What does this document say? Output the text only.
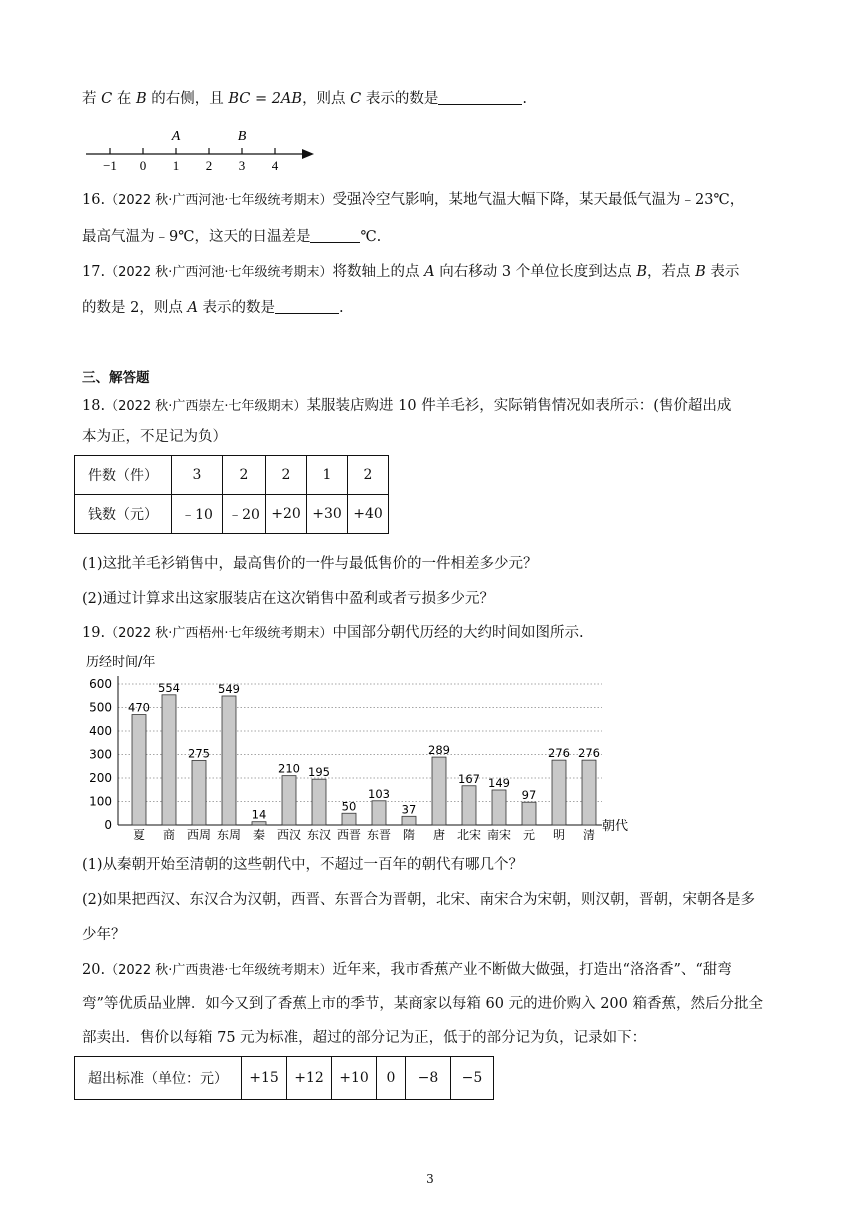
若 C 在 B 的右侧，且 BC = 2AB，则点 C 表示的数是	.
−1 0 1 2 3 4
A	B
16.（2022 秋·广西河池·七年级统考期末）受强冷空气影响，某地气温大幅下降，某天最低气温为﹣23℃，
最高气温为﹣9℃，这天的日温差是	℃.
17.（2022 秋·广西河池·七年级统考期末）将数轴上的点 A 向右移动 3 个单位长度到达点 B，若点 B 表示
的数是 2，则点 A 表示的数是	.
三、解答题
18.（2022 秋·广西崇左·七年级期末）某服装店购进 10 件羊毛衫，实际销售情况如表所示：(售价超出成
本为正，不足记为负）
件数（件）	3	2	2	1	2
钱数（元）	﹣10	﹣20	+20	+30	+40
(1)这批羊毛衫销售中，最高售价的一件与最低售价的一件相差多少元？
(2)通过计算求出这家服装店在这次销售中盈利或者亏损多少元？
19.（2022 秋·广西梧州·七年级统考期末）中国部分朝代历经的大约时间如图所示.
历经时间/年
朝代
0
100
200
300
400
500
600
470
夏
554
商
275
西周
549
东周
14
秦
210
西汉
195
东汉
50
西晋
103
东晋
37
隋
289
唐
167
北宋
149
南宋
97
元
276
明
276
清
(1)从秦朝开始至清朝的这些朝代中，不超过一百年的朝代有哪几个？
(2)如果把西汉、东汉合为汉朝，西晋、东晋合为晋朝，北宋、南宋合为宋朝，则汉朝，晋朝，宋朝各是多
少年？
20.（2022 秋·广西贵港·七年级统考期末）近年来，我市香蕉产业不断做大做强，打造出“洛洛香”、“甜弯
弯”等优质品业牌．如今又到了香蕉上市的季节，某商家以每箱 60 元的进价购入 200 箱香蕉，然后分批全
部卖出．售价以每箱 75 元为标准，超过的部分记为正，低于的部分记为负，记录如下：
超出标准（单位：元）	+15	+12	+10	0	−8	−5
3
